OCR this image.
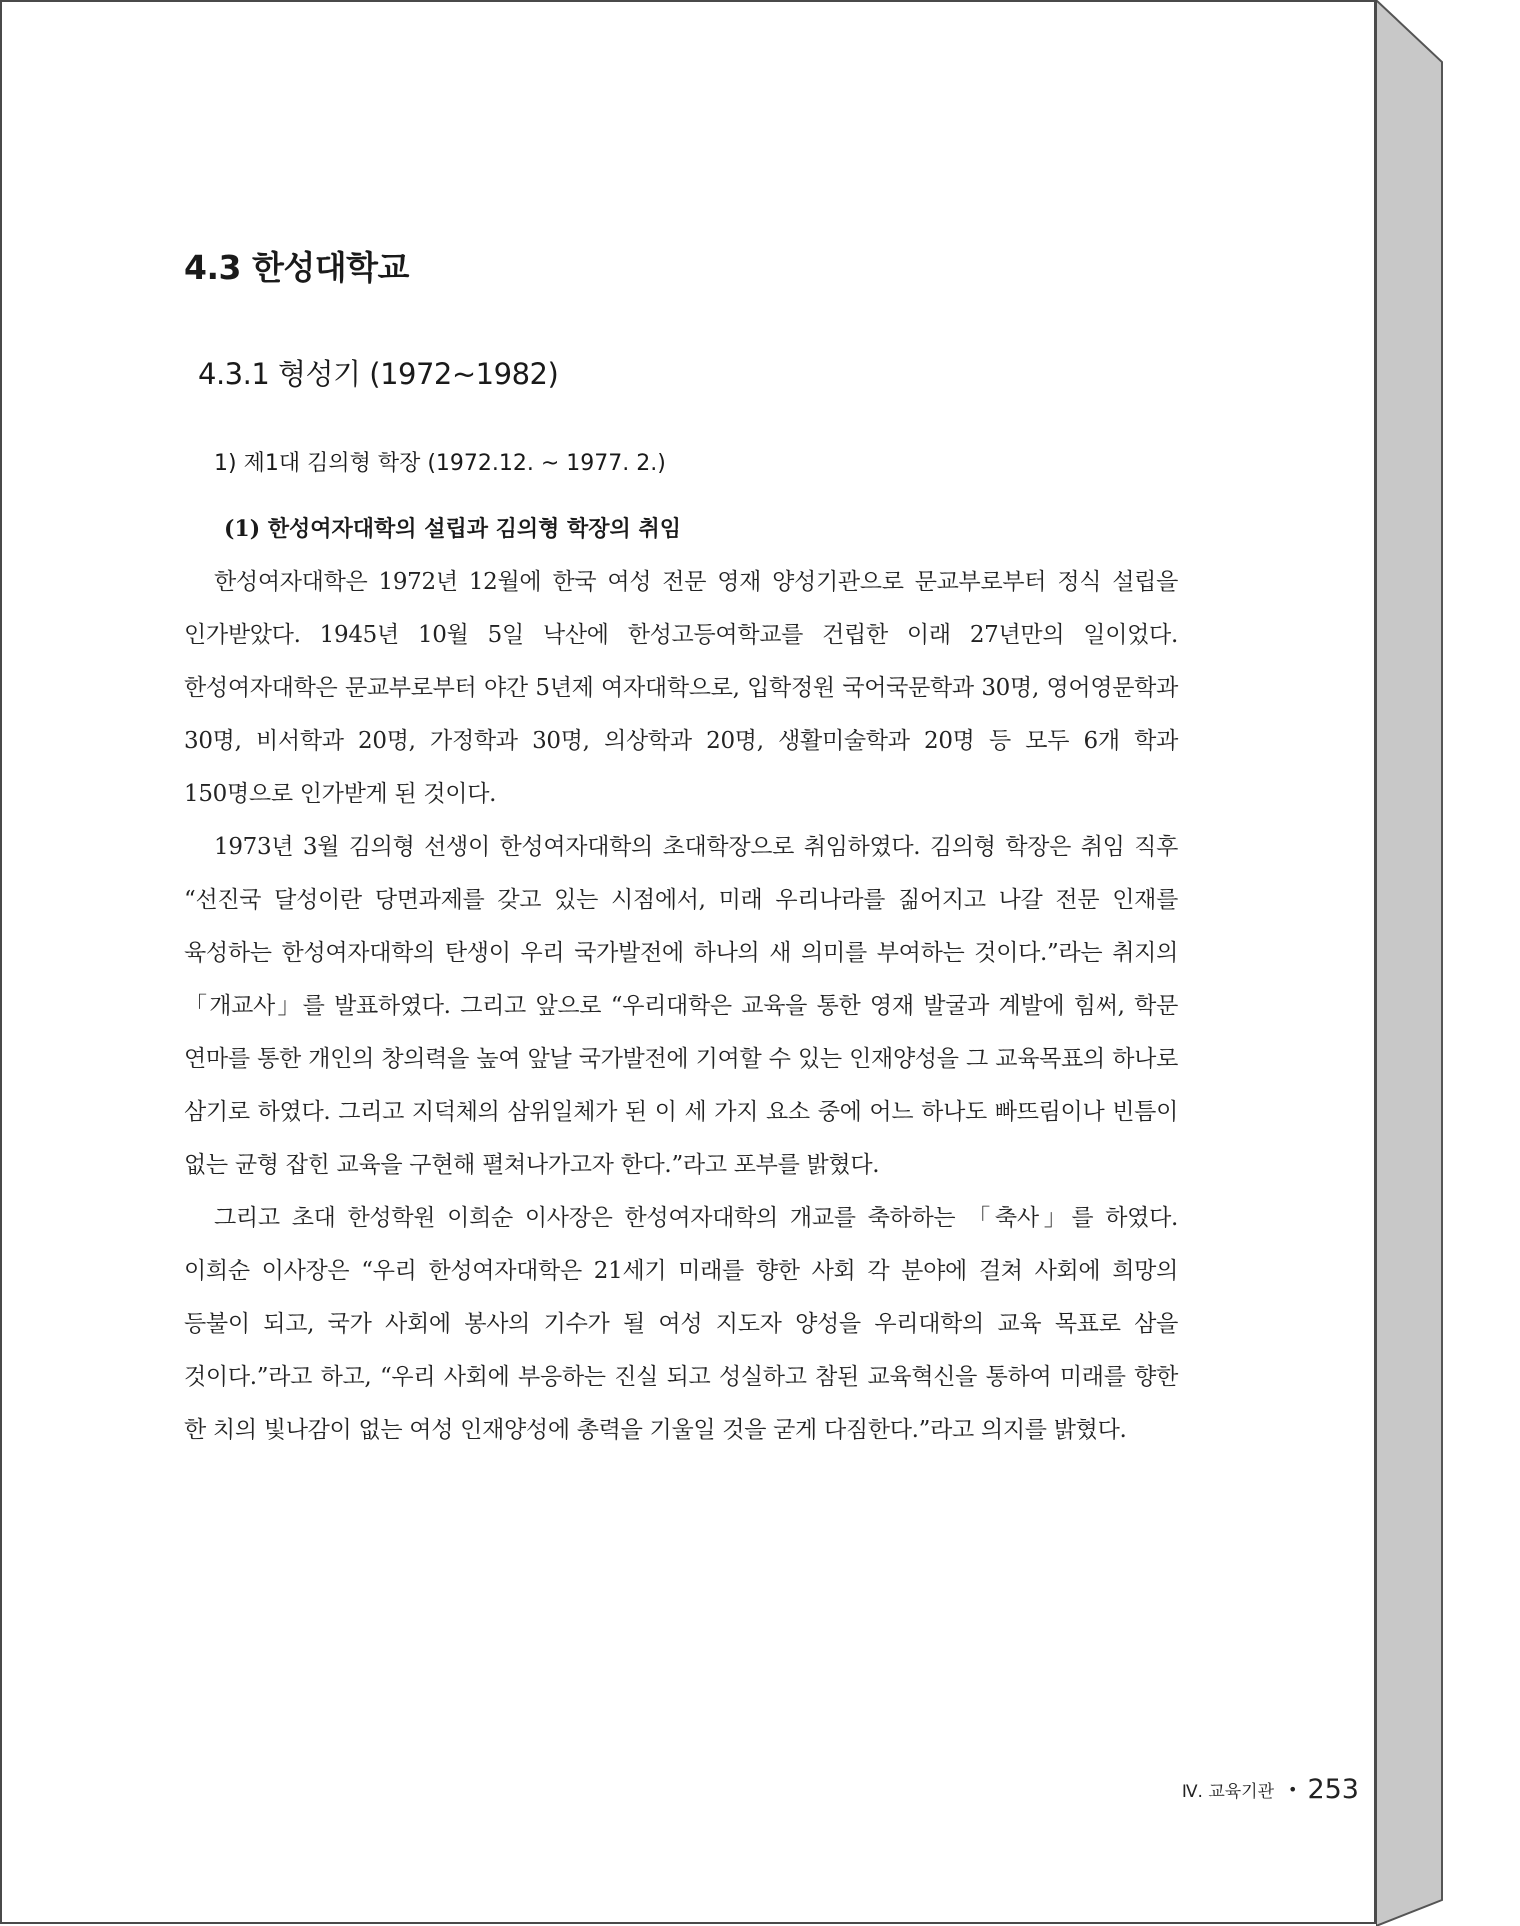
4.3 한성대학교
4.3.1 형성기 (1972~1982)
1) 제1대 김의형 학장 (1972.12. ~ 1977. 2.)
(1) 한성여자대학의 설립과 김의형 학장의 취임

한성여자대학은 1972년 12월에 한국 여성 전문 영재 양성기관으로 문교부로부터 정식 설립을 인가받았다. 1945년 10월 5일 낙산에 한성고등여학교를 건립한 이래 27년만의 일이었다. 한성여자대학은 문교부로부터 야간 5년제 여자대학으로, 입학정원 국어국문학과 30명, 영어영문학과 30명, 비서학과 20명, 가정학과 30명, 의상학과 20명, 생활미술학과 20명 등 모두 6개 학과 150명으로 인가받게 된 것이다.

1973년 3월 김의형 선생이 한성여자대학의 초대학장으로 취임하였다. 김의형 학장은 취임 직후 “선진국 달성이란 당면과제를 갖고 있는 시점에서, 미래 우리나라를 짊어지고 나갈 전문 인재를 육성하는 한성여자대학의 탄생이 우리 국가발전에 하나의 새 의미를 부여하는 것이다.”라는 취지의 「개교사」를 발표하였다. 그리고 앞으로 “우리대학은 교육을 통한 영재 발굴과 계발에 힘써, 학문 연마를 통한 개인의 창의력을 높여 앞날 국가발전에 기여할 수 있는 인재양성을 그 교육목표의 하나로 삼기로 하였다. 그리고 지덕체의 삼위일체가 된 이 세 가지 요소 중에 어느 하나도 빠뜨림이나 빈틈이 없는 균형 잡힌 교육을 구현해 펼쳐나가고자 한다.”라고 포부를 밝혔다.

그리고 초대 한성학원 이희순 이사장은 한성여자대학의 개교를 축하하는 「축사」를 하였다. 이희순 이사장은 “우리 한성여자대학은 21세기 미래를 향한 사회 각 분야에 걸쳐 사회에 희망의 등불이 되고, 국가 사회에 봉사의 기수가 될 여성 지도자 양성을 우리대학의 교육 목표로 삼을 것이다.”라고 하고, “우리 사회에 부응하는 진실 되고 성실하고 참된 교육혁신을 통하여 미래를 향한 한 치의 빛나감이 없는 여성 인재양성에 총력을 기울일 것을 굳게 다짐한다.”라고 의지를 밝혔다.

Ⅳ. 교육기관 • 253
